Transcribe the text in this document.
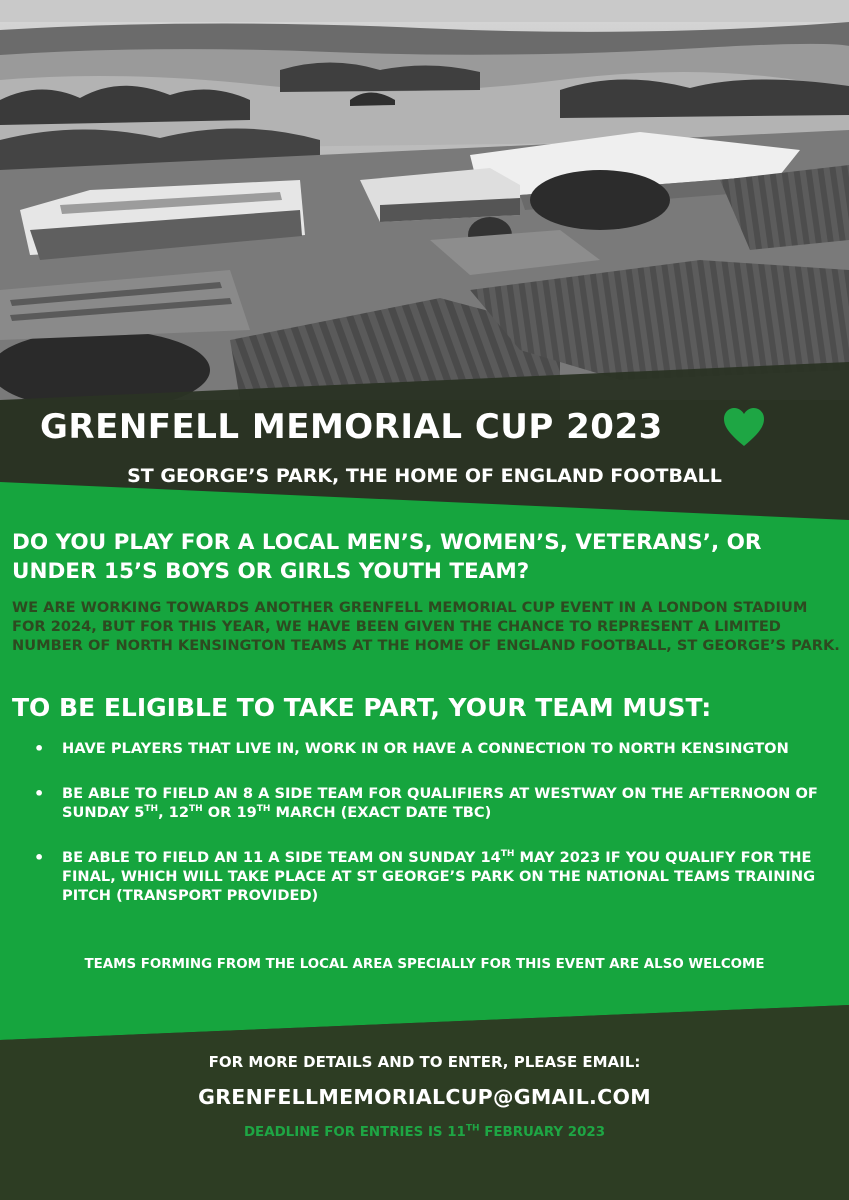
GRENFELL MEMORIAL CUP 2023
ST GEORGE’S PARK, THE HOME OF ENGLAND FOOTBALL
DO YOU PLAY FOR A LOCAL MEN’S, WOMEN’S, VETERANS’, OR UNDER 15’S BOYS OR GIRLS YOUTH TEAM?
WE ARE WORKING TOWARDS ANOTHER GRENFELL MEMORIAL CUP EVENT IN A LONDON STADIUM FOR 2024, BUT FOR THIS YEAR, WE HAVE BEEN GIVEN THE CHANCE TO REPRESENT A LIMITED NUMBER OF NORTH KENSINGTON TEAMS AT THE HOME OF ENGLAND FOOTBALL, ST GEORGE’S PARK.
TO BE ELIGIBLE TO TAKE PART, YOUR TEAM MUST:
• HAVE PLAYERS THAT LIVE IN, WORK IN OR HAVE A CONNECTION TO NORTH KENSINGTON
• BE ABLE TO FIELD AN 8 A SIDE TEAM FOR QUALIFIERS AT WESTWAY ON THE AFTERNOON OF SUNDAY 5TH, 12TH OR 19TH MARCH (EXACT DATE TBC)
• BE ABLE TO FIELD AN 11 A SIDE TEAM ON SUNDAY 14TH MAY 2023 IF YOU QUALIFY FOR THE FINAL, WHICH WILL TAKE PLACE AT ST GEORGE’S PARK ON THE NATIONAL TEAMS TRAINING PITCH (TRANSPORT PROVIDED)
TEAMS FORMING FROM THE LOCAL AREA SPECIALLY FOR THIS EVENT ARE ALSO WELCOME
FOR MORE DETAILS AND TO ENTER, PLEASE EMAIL:
GRENFELLMEMORIALCUP@GMAIL.COM
DEADLINE FOR ENTRIES IS 11TH FEBRUARY 2023
